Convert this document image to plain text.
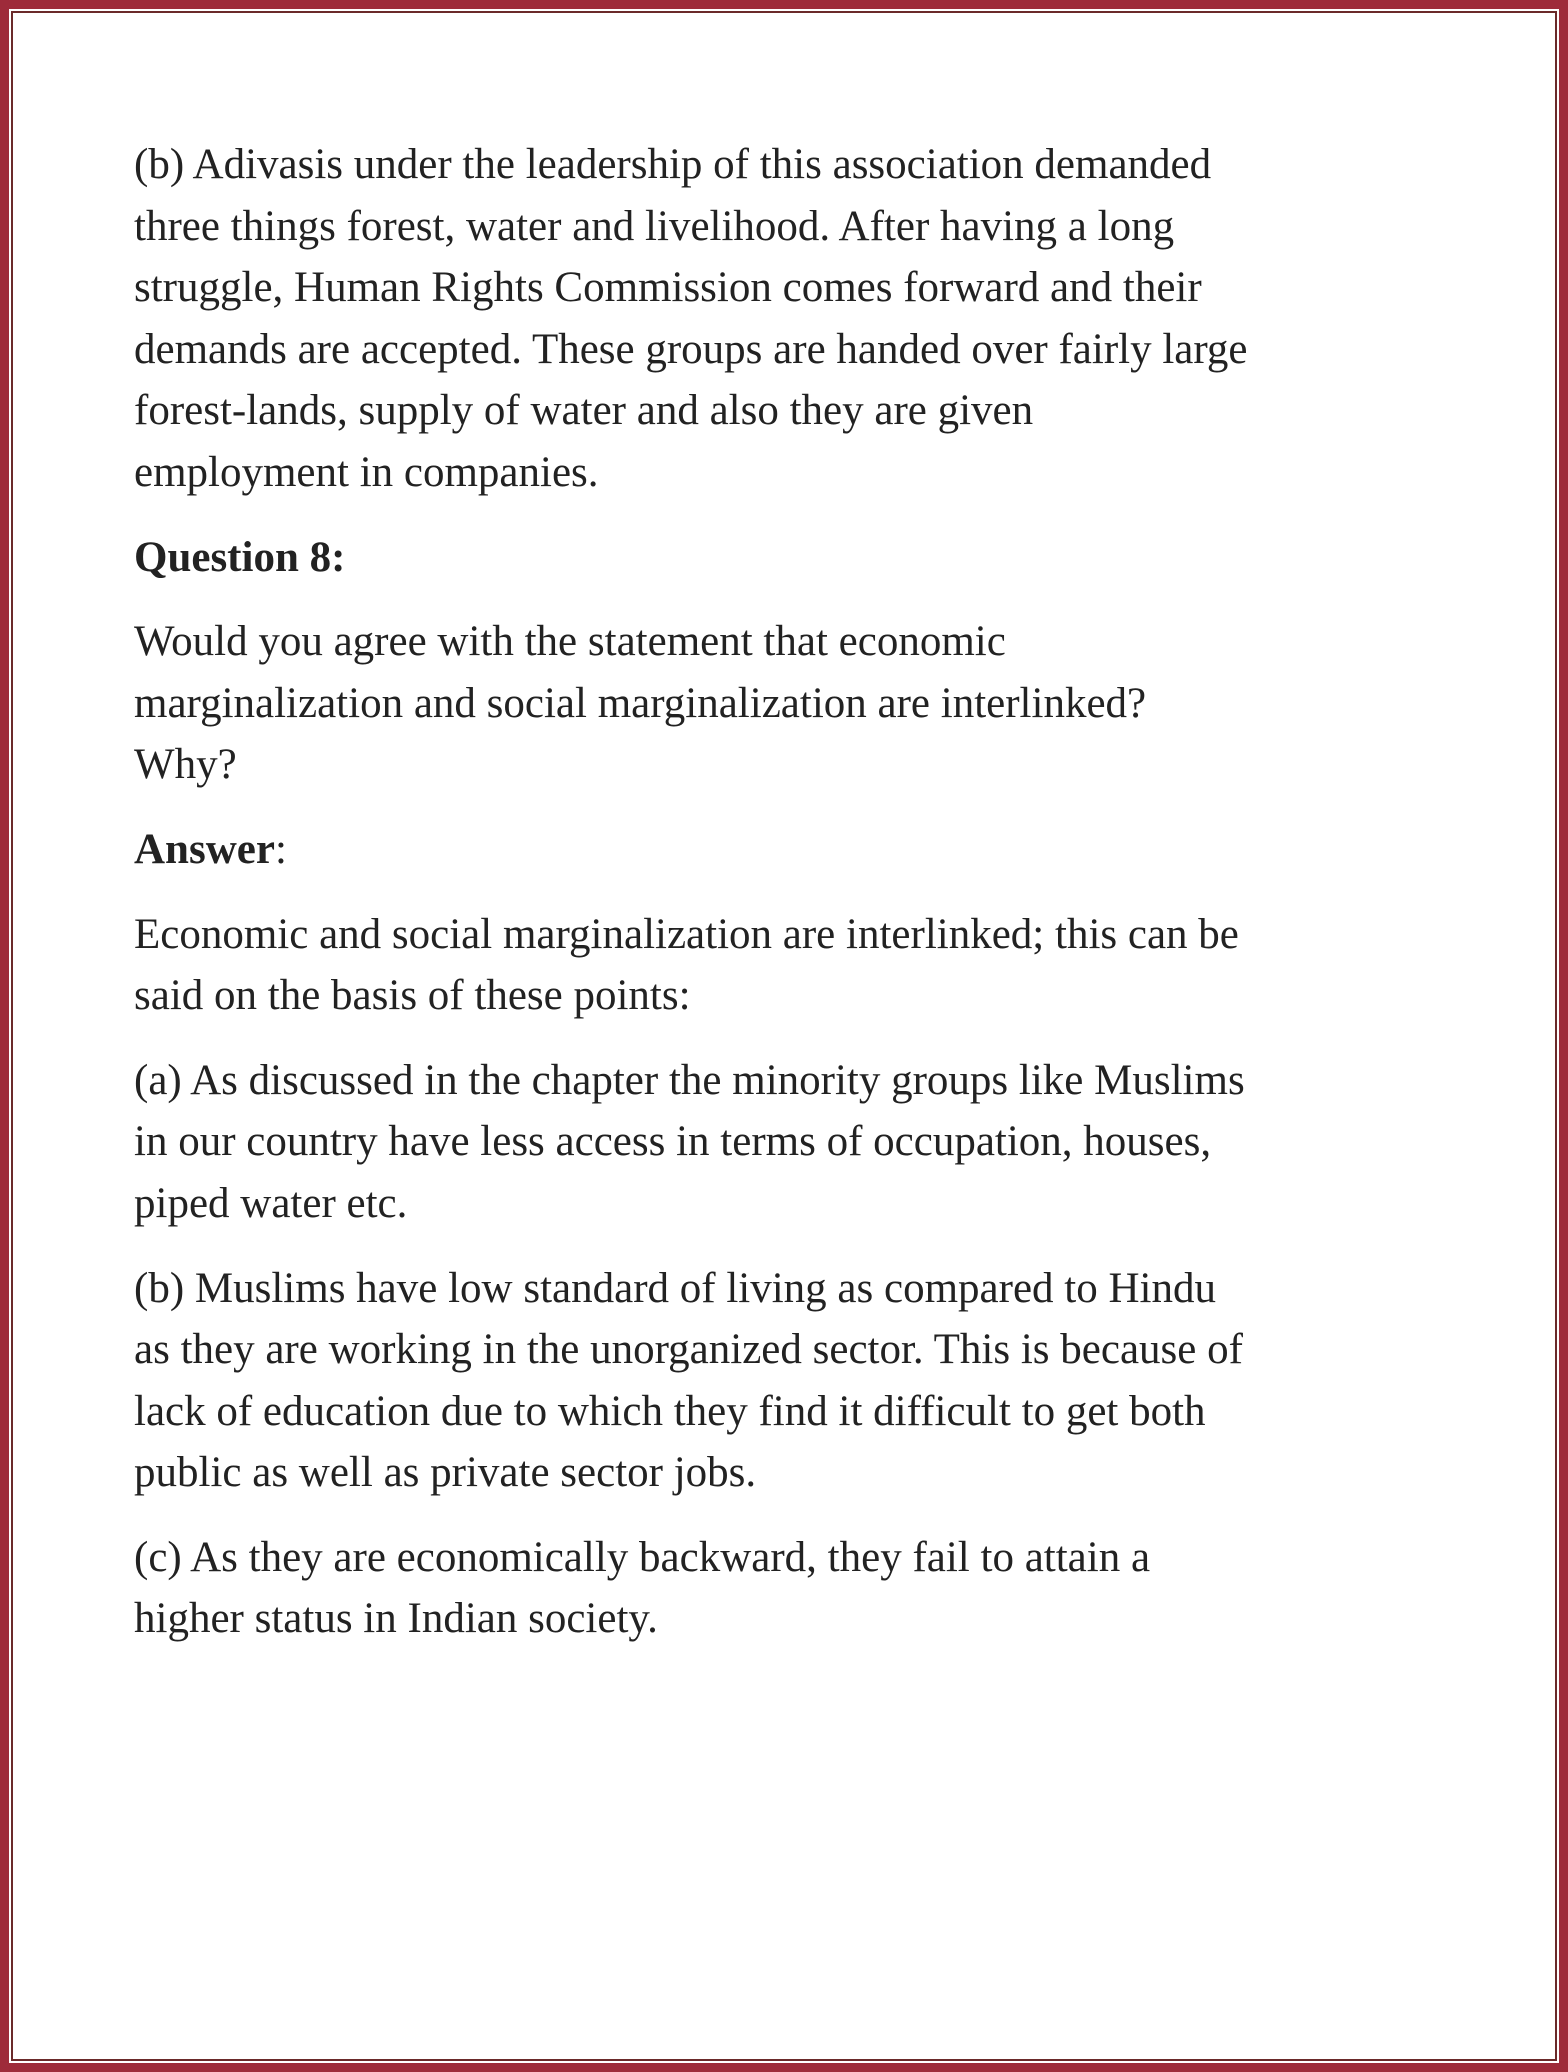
(b) Adivasis under the leadership of this association demanded
three things forest, water and livelihood. After having a long
struggle, Human Rights Commission comes forward and their
demands are accepted. These groups are handed over fairly large
forest-lands, supply of water and also they are given
employment in companies.
Question 8:
Would you agree with the statement that economic
marginalization and social marginalization are interlinked?
Why?
Answer:
Economic and social marginalization are interlinked; this can be
said on the basis of these points:
(a) As discussed in the chapter the minority groups like Muslims
in our country have less access in terms of occupation, houses,
piped water etc.
(b) Muslims have low standard of living as compared to Hindu
as they are working in the unorganized sector. This is because of
lack of education due to which they find it difficult to get both
public as well as private sector jobs.
(c) As they are economically backward, they fail to attain a
higher status in Indian society.
